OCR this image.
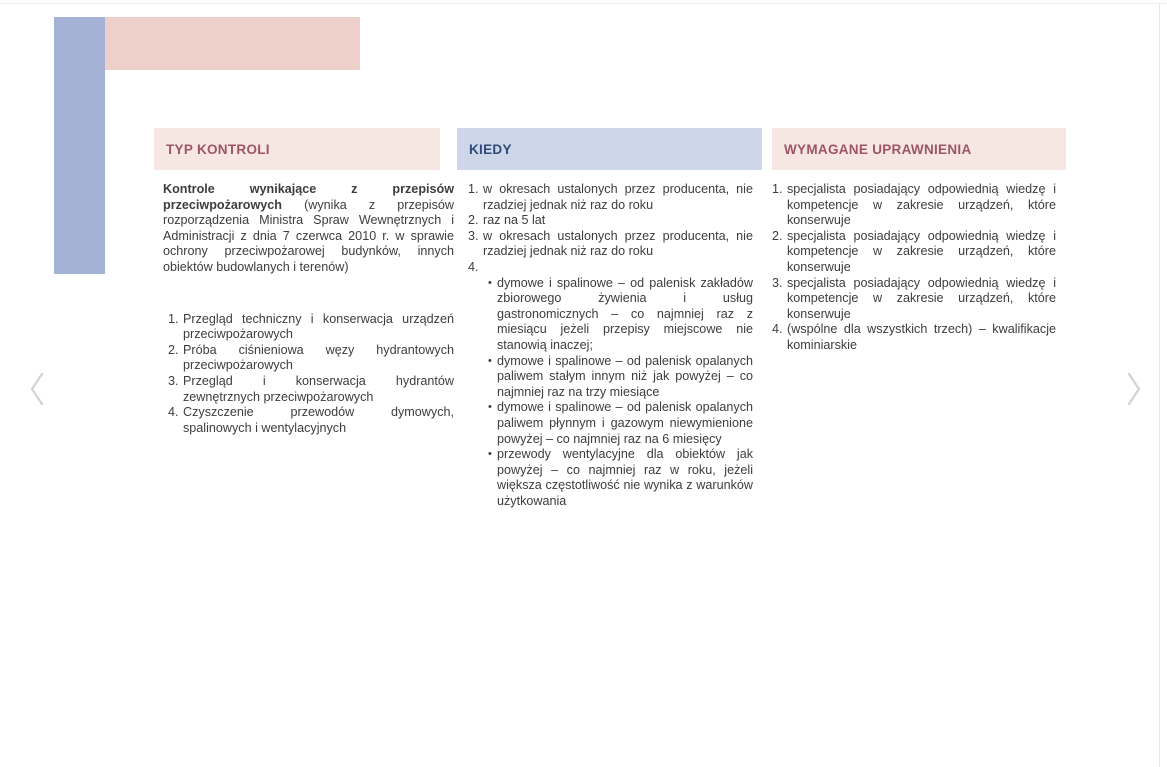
TYP KONTROLI

Kontrole wynikające z przepisów przeciwpożarowych (wynika z przepisów rozporządzenia Ministra Spraw Wewnętrznych i Administracji z dnia 7 czerwca 2010 r. w sprawie ochrony przeciwpożarowej budynków, innych obiektów budowlanych i terenów)

1. Przegląd techniczny i konserwacja urządzeń przeciwpożarowych
2. Próba ciśnieniowa węzy hydrantowych przeciwpożarowych
3. Przegląd i konserwacja hydrantów zewnętrznych przeciwpożarowych
4. Czyszczenie przewodów dymowych, spalinowych i wentylacyjnych
KIEDY
1. w okresach ustalonych przez producenta, nie rzadziej jednak niż raz do roku
2. raz na 5 lat
3. w okresach ustalonych przez producenta, nie rzadziej jednak niż raz do roku
4.
• dymowe i spalinowe – od palenisk zakładów zbiorowego żywienia i usług gastronomicznych – co najmniej raz z miesiącu jeżeli przepisy miejscowe nie stanowią inaczej;
• dymowe i spalinowe – od palenisk opalanych paliwem stałym innym niż jak powyżej – co najmniej raz na trzy miesiące
• dymowe i spalinowe – od palenisk opalanych paliwem płynnym i gazowym niewymienione powyżej – co najmniej raz na 6 miesięcy
• przewody wentylacyjne dla obiektów jak powyżej – co najmniej raz w roku, jeżeli większa częstotliwość nie wynika z warunków użytkowania
WYMAGANE UPRAWNIENIA
1. specjalista posiadający odpowiednią wiedzę i kompetencje w zakresie urządzeń, które konserwuje
2. specjalista posiadający odpowiednią wiedzę i kompetencje w zakresie urządzeń, które konserwuje
3. specjalista posiadający odpowiednią wiedzę i kompetencje w zakresie urządzeń, które konserwuje
4. (wspólne dla wszystkich trzech) – kwalifikacje kominiarskie
